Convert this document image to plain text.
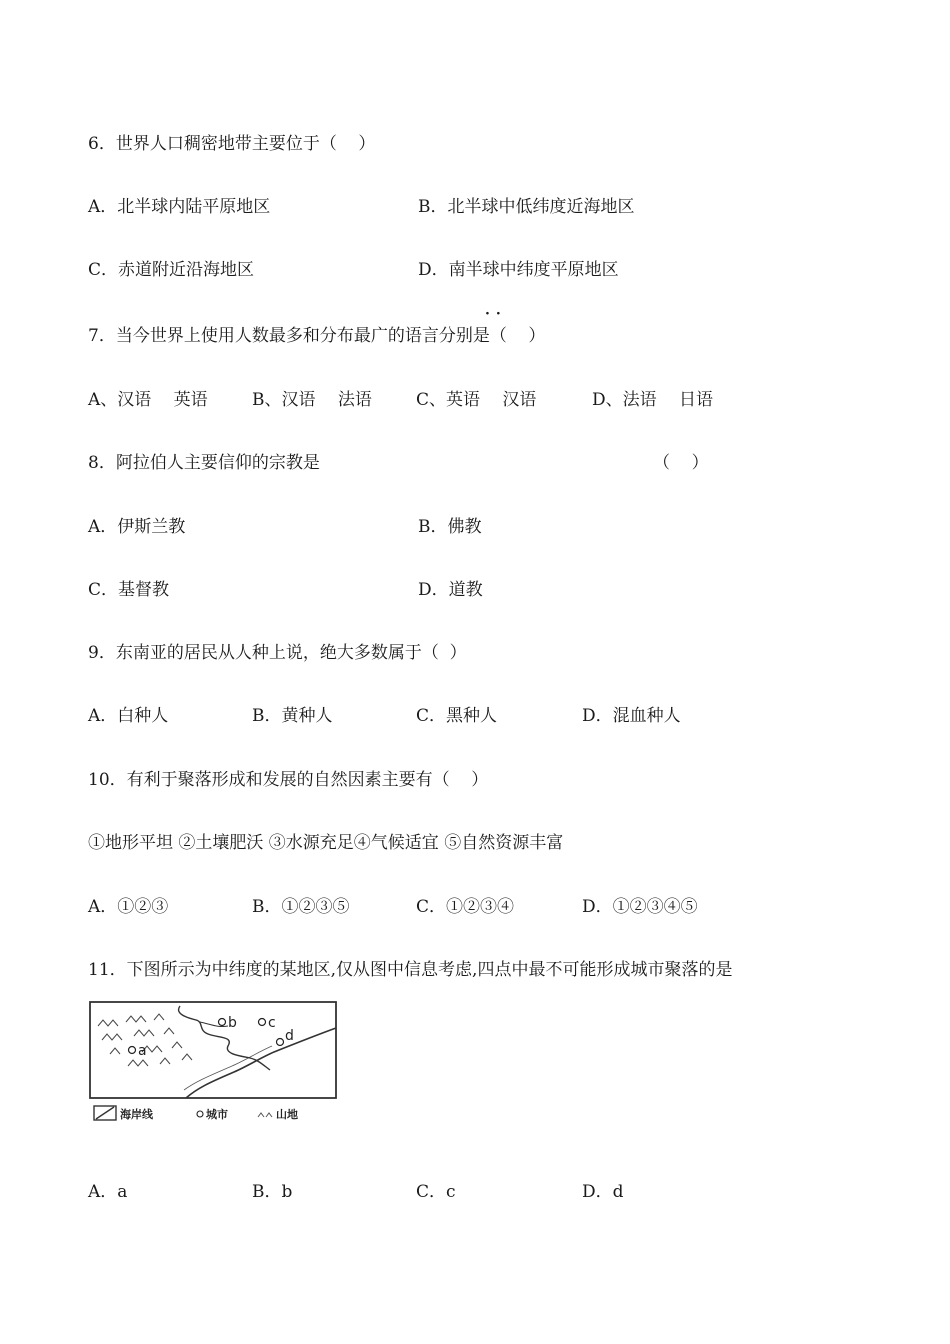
6．世界人口稠密地带主要位于（    ）
A．北半球内陆平原地区	B．北半球中低纬度近海地区
C．赤道附近沿海地区	D．南半球中纬度平原地区
··
7．当今世界上使用人数最多和分布最广的语言分别是（    ）
A、汉语　 英语	B、汉语　 法语	C、英语　 汉语	D、法语　 日语
8．阿拉伯人主要信仰的宗教是	（    ）
A．伊斯兰教	B．佛教
C．基督教	D．道教
9．东南亚的居民从人种上说，绝大多数属于（  ）
A．白种人	B．黄种人	C．黑种人	D．混血种人
10．有利于聚落形成和发展的自然因素主要有（    ）
①地形平坦 ②土壤肥沃 ③水源充足④气候适宜 ⑤自然资源丰富
A．①②③	B．①②③⑤	C．①②③④	D．①②③④⑤
11．下图所示为中纬度的某地区,仅从图中信息考虑,四点中最不可能形成城市聚落的是
a
b c
d
海岸线	城市	山地
A．a	B．b	C．c	D．d
